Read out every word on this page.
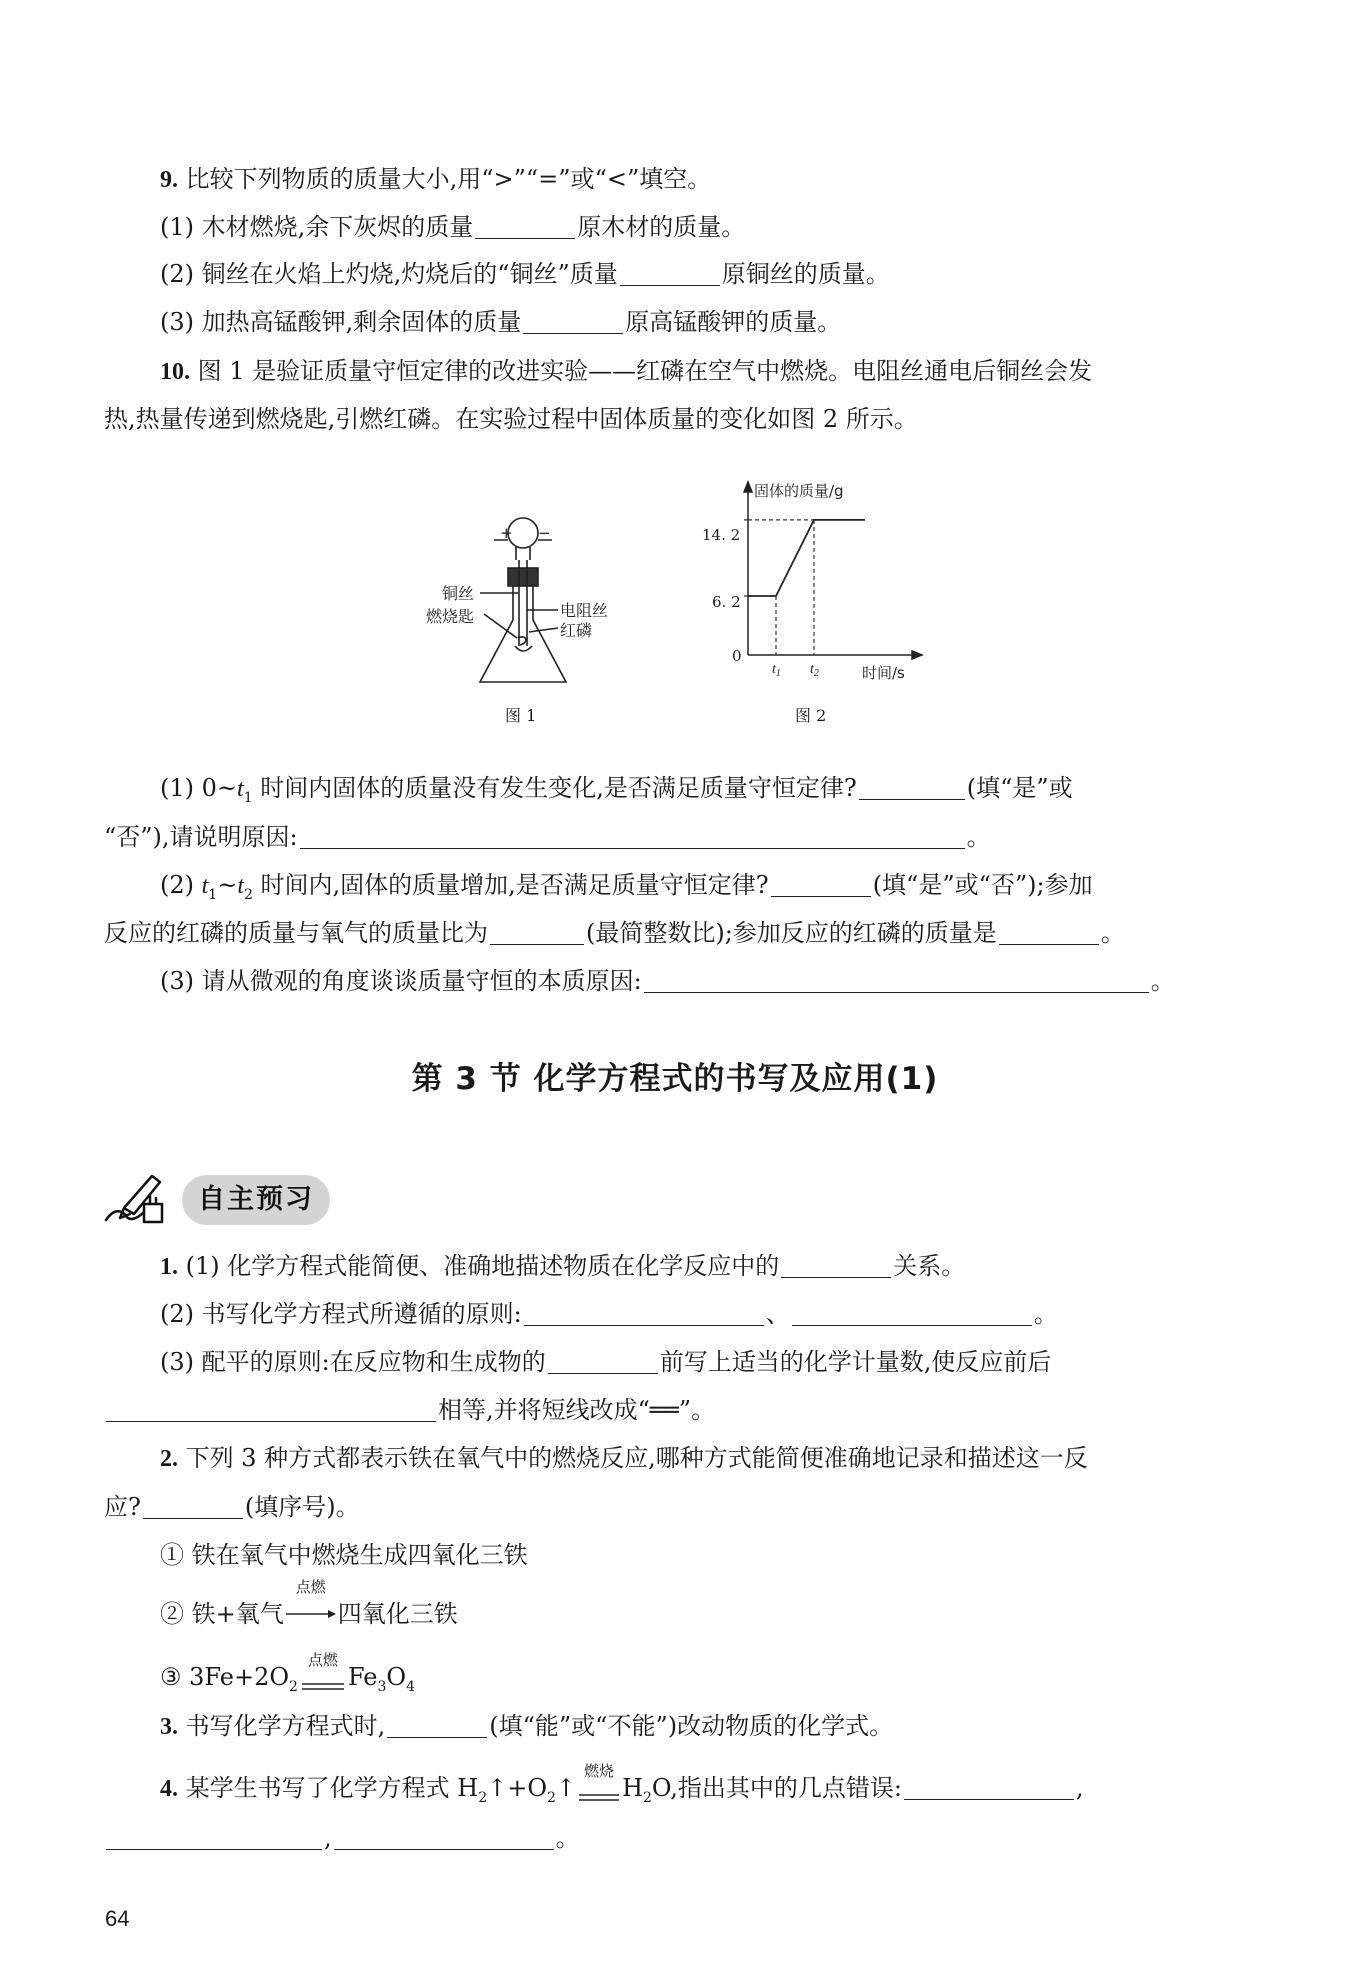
9. 比较下列物质的质量大小,用“>”“=”或“<”填空。
(1) 木材燃烧,余下灰烬的质量	原木材的质量。
(2) 铜丝在火焰上灼烧,灼烧后的“铜丝”质量	原铜丝的质量。
(3) 加热高锰酸钾,剩余固体的质量	原高锰酸钾的质量。
10. 图 1 是验证质量守恒定律的改进实验——红磷在空气中燃烧。电阻丝通电后铜丝会发
热,热量传递到燃烧匙,引燃红磷。在实验过程中固体质量的变化如图 2 所示。
+ −
铜丝
燃烧匙	电阻丝
红磷
图 1
固体的质量/g
时间/s
14. 2
6. 2
0
$t_1$ $t_2$
图 2
(1) $0\sim t_1$ 时间内固体的质量没有发生变化,是否满足质量守恒定律?	(填“是”或
“否”),请说明原因:	。
(2) $t_1\sim t_2$ 时间内,固体的质量增加,是否满足质量守恒定律?	(填“是”或“否”);参加
反应的红磷的质量与氧气的质量比为	(最简整数比);参加反应的红磷的质量是	。
(3) 请从微观的角度谈谈质量守恒的本质原因:	。
第 3 节 化学方程式的书写及应用(1)
自主预习
1. (1) 化学方程式能简便、准确地描述物质在化学反应中的	关系。
(2) 书写化学方程式所遵循的原则:	、	。
(3) 配平的原则:在反应物和生成物的	前写上适当的化学计量数,使反应前后
相等,并将短线改成“══”。
2. 下列 3 种方式都表示铁在氧气中的燃烧反应,哪种方式能简便准确地记录和描述这一反
应?	(填序号)。
① 铁在氧气中燃烧生成四氧化三铁
② 铁+氧气
点燃
四氧化三铁
③ $3Fe+2O_2$
点燃
$Fe_3O_4$
3. 书写化学方程式时,	(填“能”或“不能”)改动物质的化学式。
4. 某学生书写了化学方程式 $H_2↑+O_2↑$
燃烧
$H_2O$,指出其中的几点错误:	,
,	。
64
